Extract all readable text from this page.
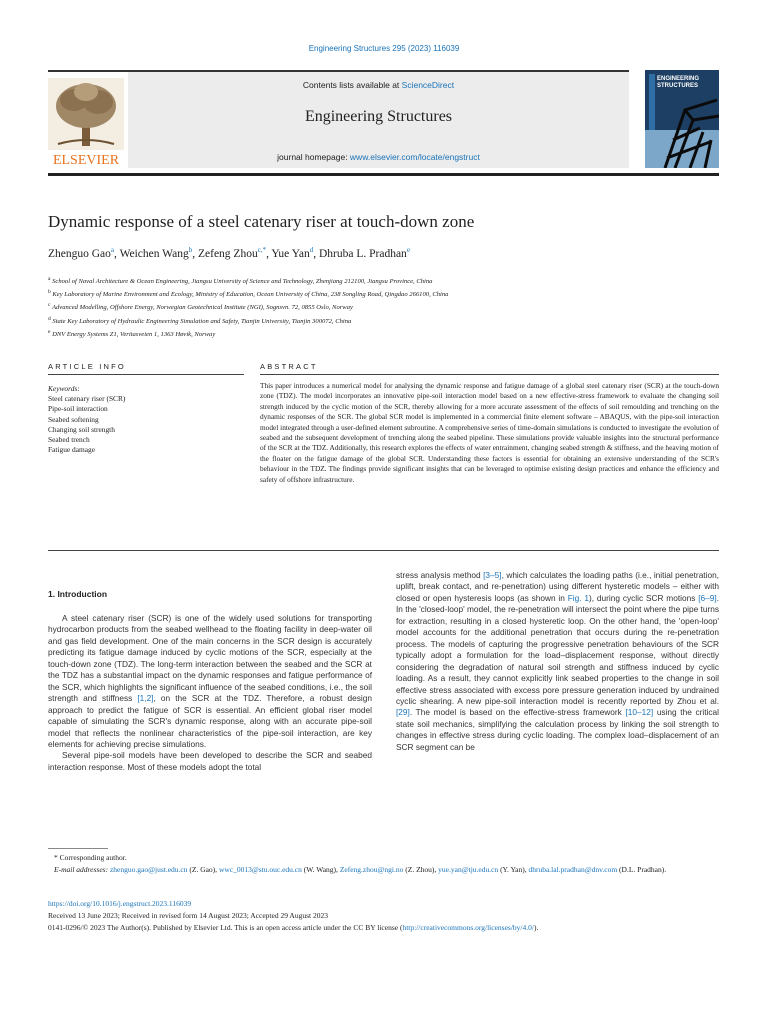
Engineering Structures 295 (2023) 116039
ELSEVIER
Contents lists available at ScienceDirect
Engineering Structures
journal homepage: www.elsevier.com/locate/engstruct
ENGINEERING
STRUCTURES
Dynamic response of a steel catenary riser at touch-down zone
Zhenguo Gao$^a$, Weichen Wang$^b$, Zefeng Zhou$^{c,*}$, Yue Yan$^d$, Dhruba L. Pradhan$^e$
$^a$ School of Naval Architecture & Ocean Engineering, Jiangsu University of Science and Technology, Zhenjiang 212100, Jiangsu Province, China
$^b$ Key Laboratory of Marine Environment and Ecology, Ministry of Education, Ocean University of China, 238 Songling Road, Qingdao 266100, China
$^c$ Advanced Modelling, Offshore Energy, Norwegian Geotechnical Institute (NGI), Sognsvn. 72, 0855 Oslo, Norway
$^d$ State Key Laboratory of Hydraulic Engineering Simulation and Safety, Tianjin University, Tianjin 300072, China
$^e$ DNV Energy Systems Z1, Veritasveien 1, 1363 Høvik, Norway
ARTICLE INFO	ABSTRACT
Keywords:
Steel catenary riser (SCR)
Pipe-soil interaction
Seabed softening
Changing soil strength
Seabed trench
Fatigue damage
This paper introduces a numerical model for analysing the dynamic response and fatigue damage of a global steel catenary riser (SCR) at the touch-down zone (TDZ). The model incorporates an innovative pipe-soil interaction model based on a new effective-stress framework to evaluate the changing soil strength induced by the cyclic motion of the SCR, thereby allowing for a more accurate assessment of the effects of soil remoulding and trenching on the dynamic responses of the SCR. The global SCR model is implemented in a commercial finite element software – ABAQUS, with the pipe-soil interaction model integrated through a user-defined element subroutine. A comprehensive series of time-domain simulations is conducted to investigate the evolution of seabed and the subsequent development of trenching along the seabed pipeline. These simulations provide valuable insights into the structural performance of the SCR at the TDZ. Additionally, this research explores the effects of water entrainment, changing seabed strength & stiffness, and the heaving motion of the floater on the fatigue damage of the global SCR. Understanding these factors is essential for obtaining an extensive understanding of the SCR's behaviour in the TDZ. The findings provide significant insights that can be leveraged to optimise existing design practices and enhance the efficiency and safety of offshore infrastructure.
1. Introduction

A steel catenary riser (SCR) is one of the widely used solutions for transporting hydrocarbon products from the seabed wellhead to the floating facility in deep-water oil and gas field development. One of the main concerns in the SCR design is accurately predicting its fatigue damage induced by cyclic motions of the SCR, especially at the touch-down zone (TDZ). The long-term interaction between the seabed and the SCR at the TDZ has a substantial impact on the dynamic responses and fatigue performance of the SCR, which highlights the significant influence of the seabed conditions, i.e., the soil strength and stiffness [1,2], on the SCR at the TDZ. Therefore, a robust design approach to predict the fatigue of SCR is essential. An efficient global riser model capable of simulating the SCR's dynamic response, along with an accurate pipe-soil model that reflects the nonlinear characteristics of the pipe-soil interaction, are key elements for achieving precise simulations.

Several pipe-soil models have been developed to describe the SCR and seabed interaction response. Most of these models adopt the total

stress analysis method [3–5], which calculates the loading paths (i.e., initial penetration, uplift, break contact, and re-penetration) using different hysteretic models – either with closed or open hysteresis loops (as shown in Fig. 1), during cyclic SCR motions [6–9]. In the 'closed-loop' model, the re-penetration will intersect the point where the pipe turns for extraction, resulting in a closed hysteretic loop. On the other hand, the 'open-loop' model accounts for the additional penetration that occurs during the re-penetration process. The models of capturing the progressive penetration behaviours of the SCR typically adopt a formulation for the load–displacement response, without directly considering the degradation of natural soil strength and stiffness induced by cyclic loading. As a result, they cannot explicitly link seabed properties to the change in soil effective stress associated with excess pore pressure generation induced by undrained cyclic shearing. A new pipe-soil interaction model is recently reported by Zhou et al. [29]. The model is based on the effective-stress framework [10–12] using the critical state soil mechanics, simplifying the calculation process by linking the soil strength to changes in effective stress during cyclic loading. The complex load–displacement of an SCR segment can be

* Corresponding author.
E-mail addresses: zhenguo.gao@just.edu.cn (Z. Gao), wwc_0013@stu.ouc.edu.cn (W. Wang), Zefeng.zhou@ngi.no (Z. Zhou), yue.yan@tju.edu.cn (Y. Yan), dhruba.lal.pradhan@dnv.com (D.L. Pradhan).
https://doi.org/10.1016/j.engstruct.2023.116039
Received 13 June 2023; Received in revised form 14 August 2023; Accepted 29 August 2023
0141-0296/© 2023 The Author(s). Published by Elsevier Ltd. This is an open access article under the CC BY license (http://creativecommons.org/licenses/by/4.0/).
